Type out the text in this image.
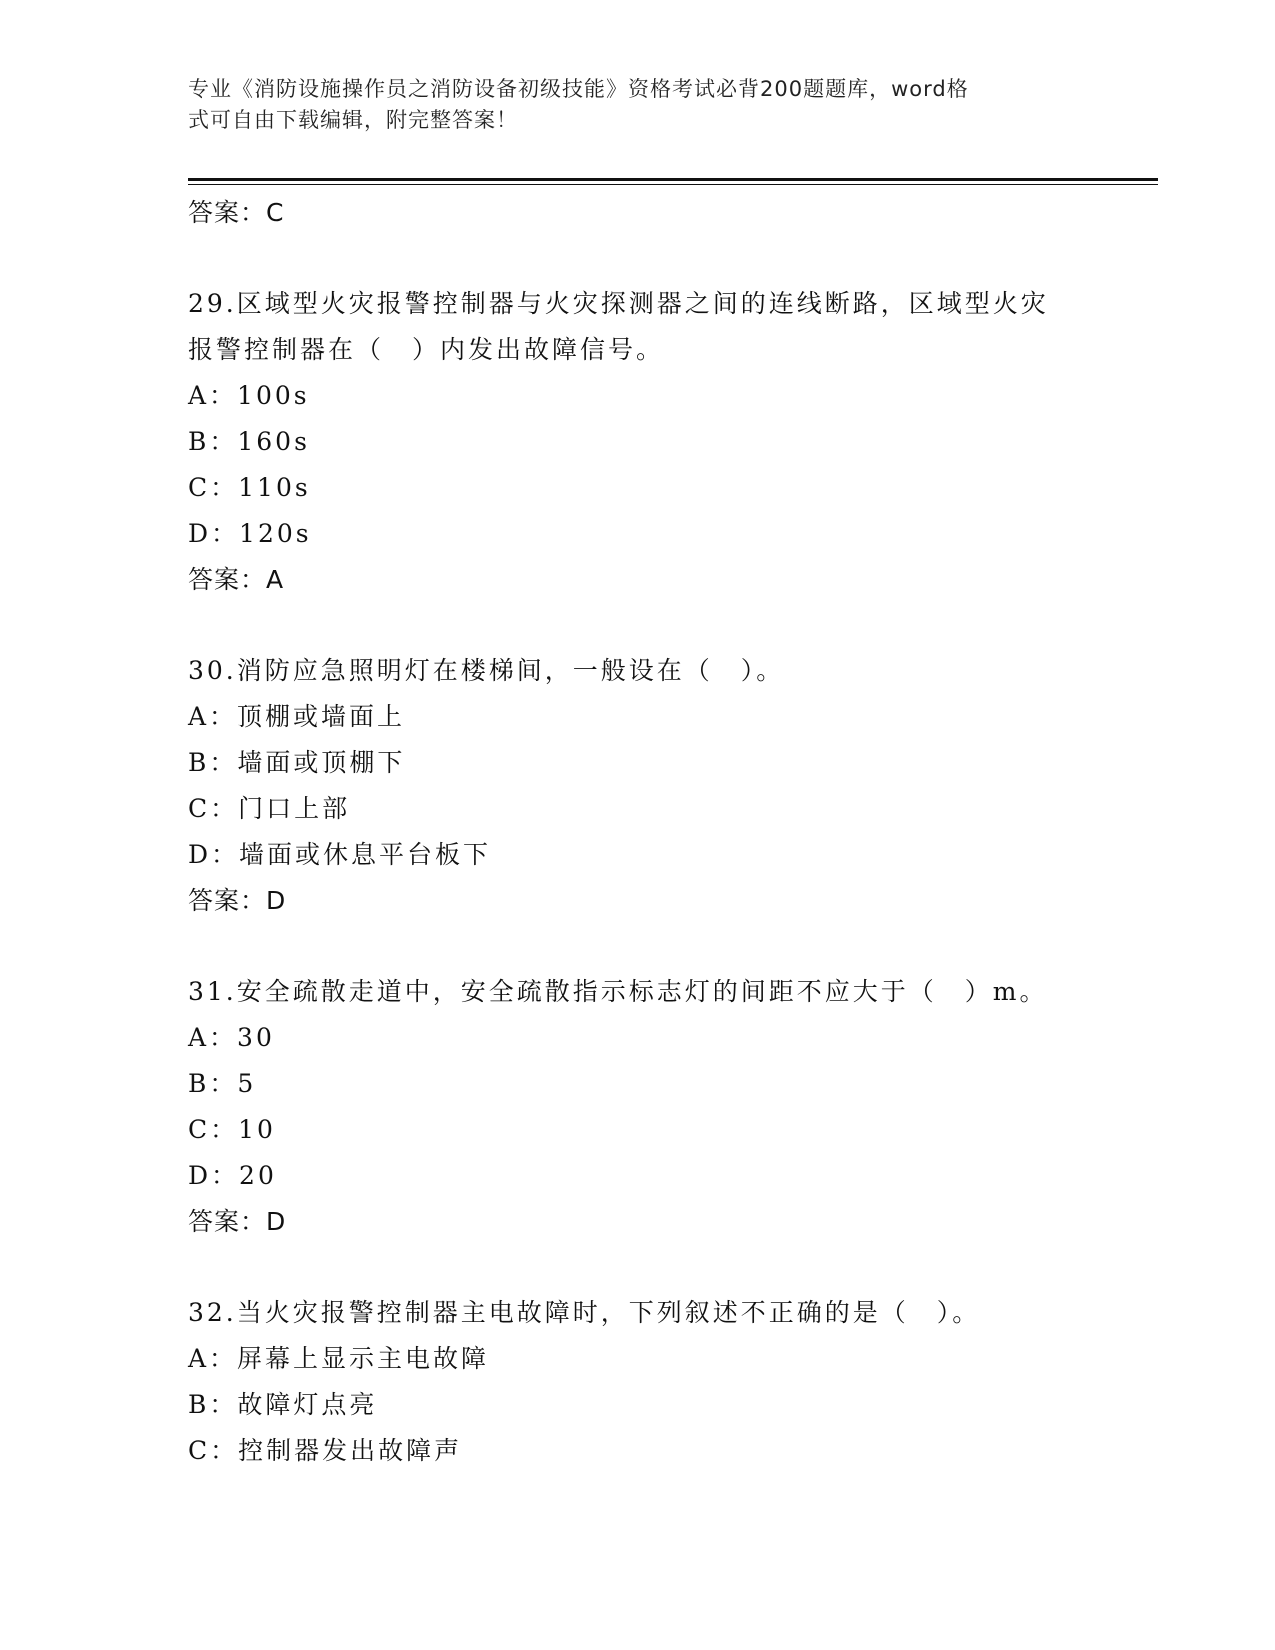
专业《消防设施操作员之消防设备初级技能》资格考试必背200题题库，word格
式可自由下载编辑，附完整答案！
答案：C
29.区域型火灾报警控制器与火灾探测器之间的连线断路，区域型火灾
报警控制器在（　）内发出故障信号。
A：100s
B：160s
C：110s
D：120s
答案：A
30.消防应急照明灯在楼梯间，一般设在（　）。
A：顶棚或墙面上
B：墙面或顶棚下
C：门口上部
D：墙面或休息平台板下
答案：D
31.安全疏散走道中，安全疏散指示标志灯的间距不应大于（　）m。
A：30
B：5
C：10
D：20
答案：D
32.当火灾报警控制器主电故障时，下列叙述不正确的是（　）。
A：屏幕上显示主电故障
B：故障灯点亮
C：控制器发出故障声
